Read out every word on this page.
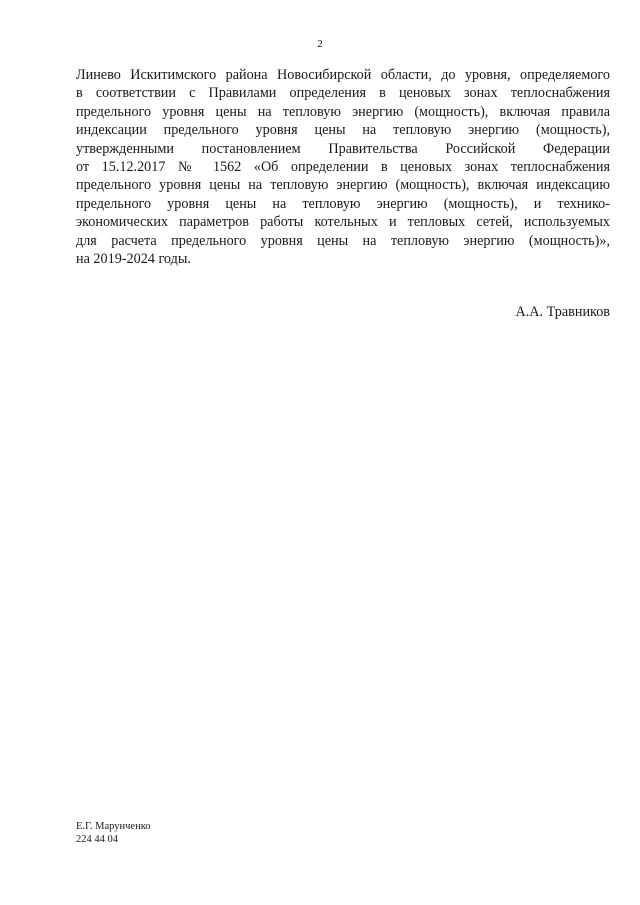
2
Линево Искитимского района Новосибирской области, до уровня, определяемого
в соответствии с Правилами определения в ценовых зонах теплоснабжения
предельного уровня цены на тепловую энергию (мощность), включая правила
индексации предельного уровня цены на тепловую энергию (мощность),
утвержденными постановлением Правительства Российской Федерации
от 15.12.2017 № 1562 «Об определении в ценовых зонах теплоснабжения
предельного уровня цены на тепловую энергию (мощность), включая индексацию
предельного уровня цены на тепловую энергию (мощность), и технико-
экономических параметров работы котельных и тепловых сетей, используемых
для расчета предельного уровня цены на тепловую энергию (мощность)»,
на 2019-2024 годы.
А.А. Травников
Е.Г. Марунченко
224 44 04
